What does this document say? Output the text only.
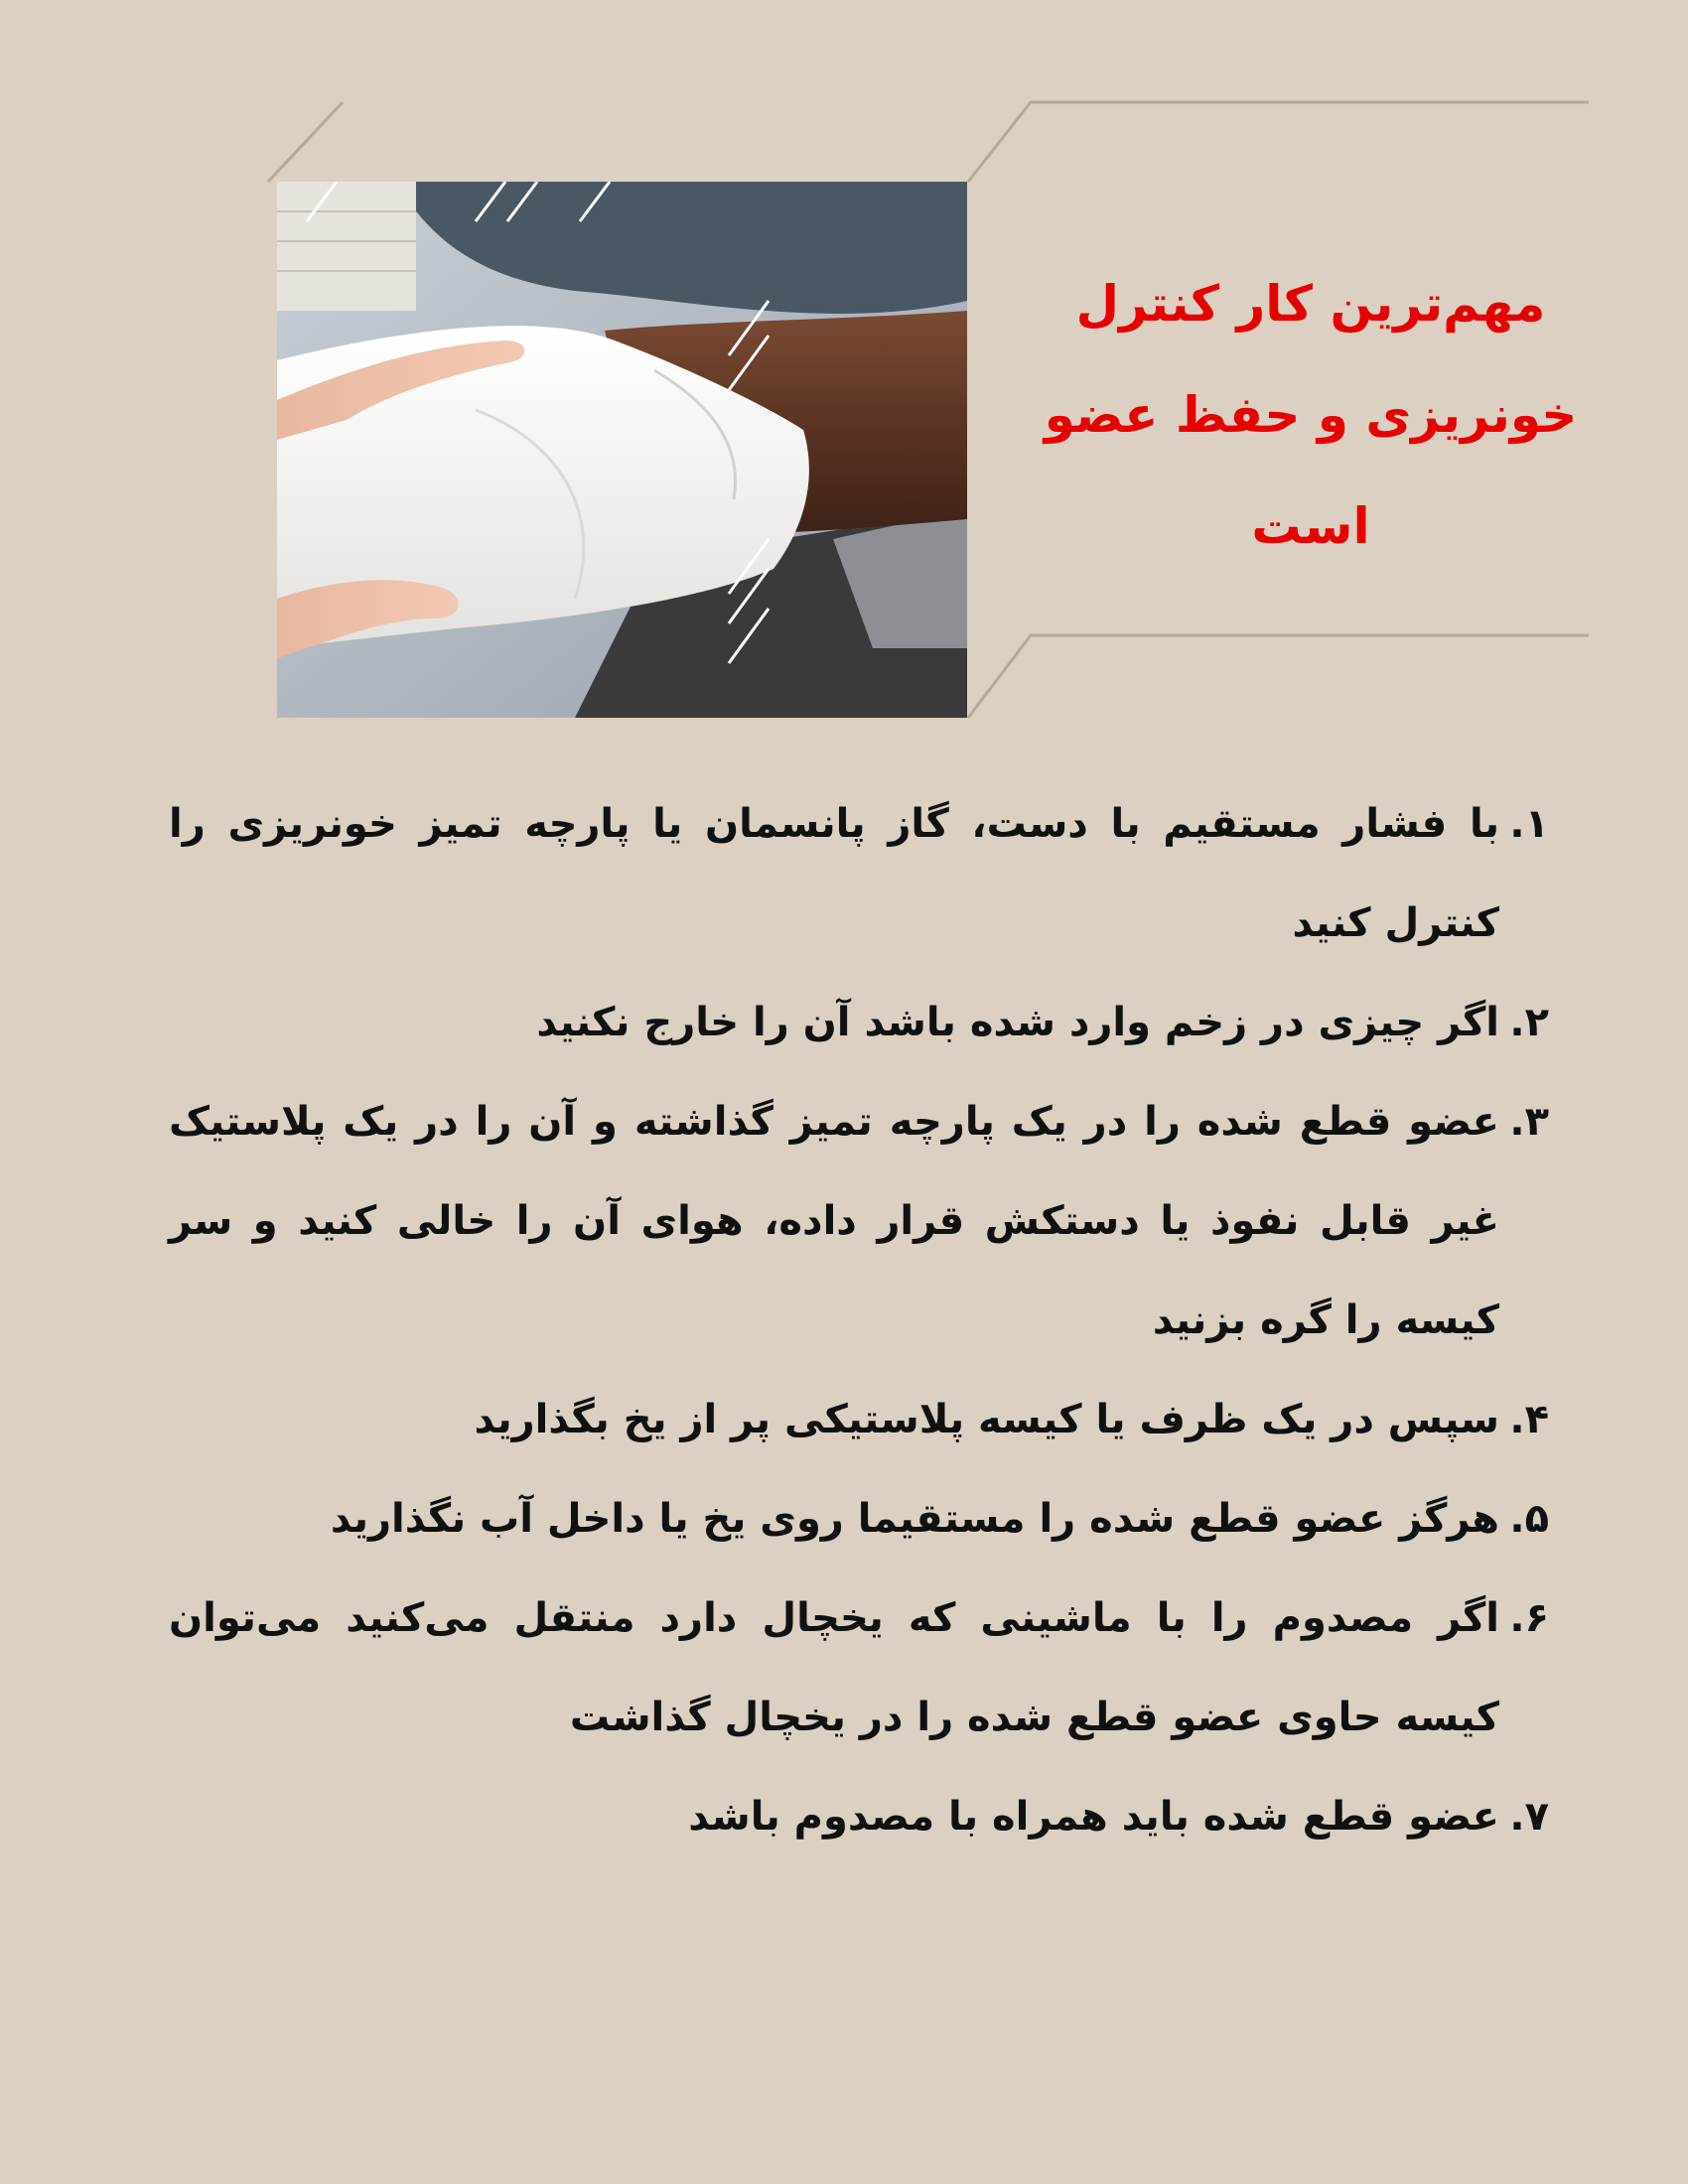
مهم‌ترین کار کنترل
خونریزی و حفظ عضو
است
۱.
با فشار مستقیم با دست، گاز پانسمان یا پارچه تمیز خونریزی را کنترل کنید
۲.
اگر چیزی در زخم وارد شده باشد آن را خارج نکنید
۳.
عضو قطع شده را در یک پارچه تمیز گذاشته و آن را در یک پلاستیک غیر قابل نفوذ یا دستکش قرار داده، هوای آن را خالی کنید و سر کیسه را گره بزنید
۴.
سپس در یک ظرف یا کیسه پلاستیکی پر از یخ بگذارید
۵.
هرگز عضو قطع شده را مستقیما روی یخ یا داخل آب نگذارید
۶.
اگر مصدوم را با ماشینی که یخچال دارد منتقل می‌کنید می‌توان کیسه حاوی عضو قطع شده را در یخچال گذاشت
۷.
عضو قطع شده باید همراه با مصدوم باشد
